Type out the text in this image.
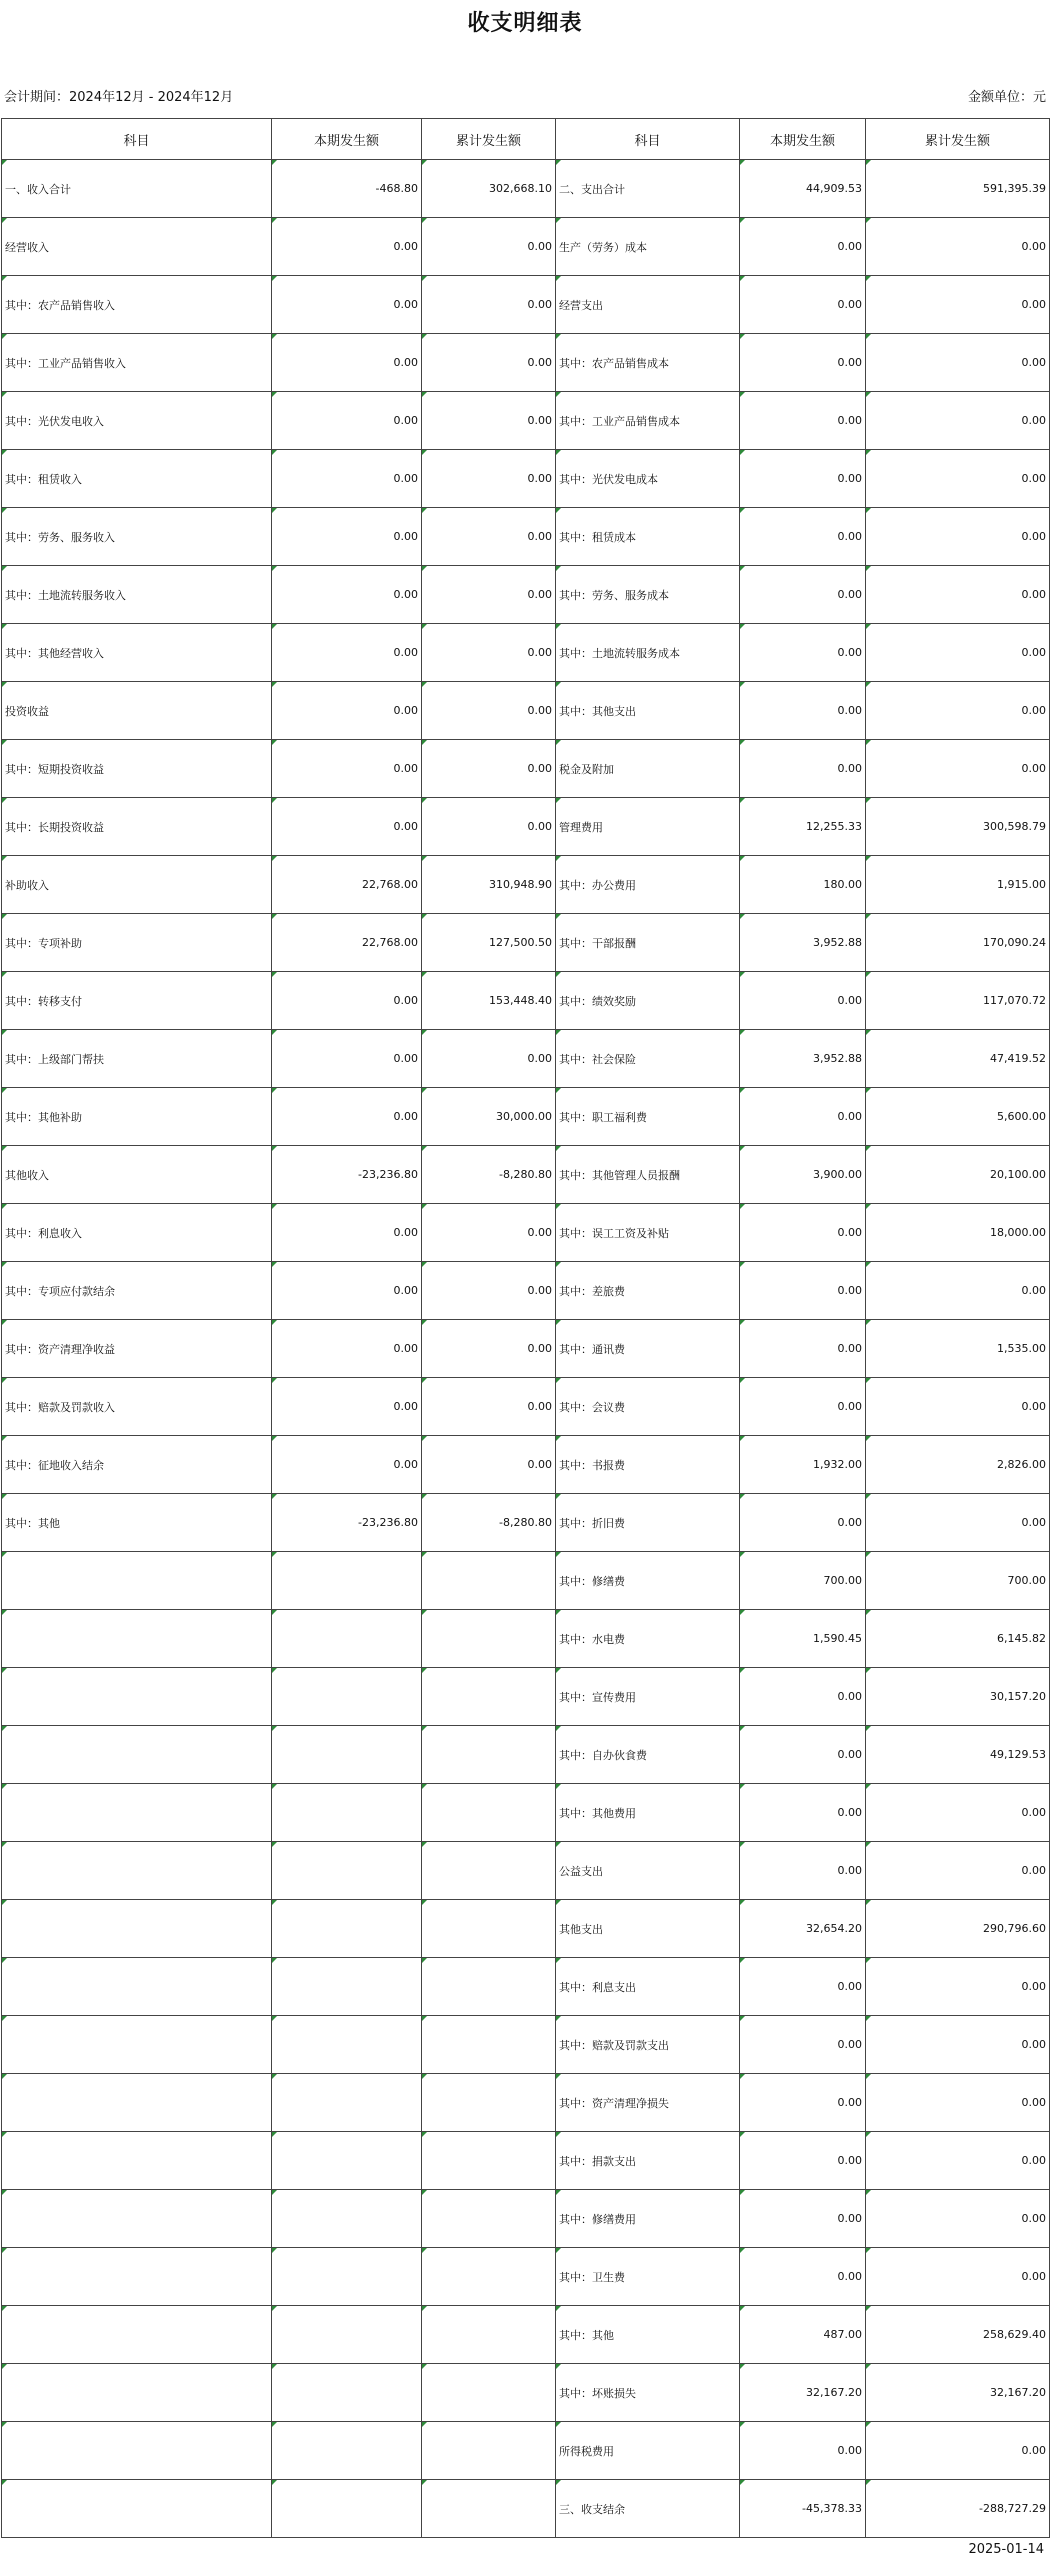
收支明细表
会计期间：2024年12月 - 2024年12月	金额单位：元
科目	本期发生额	累计发生额	科目	本期发生额	累计发生额
一、收入合计	-468.80	302,668.10	二、支出合计	44,909.53	591,395.39
经营收入	0.00	0.00	生产（劳务）成本	0.00	0.00
其中：农产品销售收入	0.00	0.00	经营支出	0.00	0.00
其中：工业产品销售收入	0.00	0.00	其中：农产品销售成本	0.00	0.00
其中：光伏发电收入	0.00	0.00	其中：工业产品销售成本	0.00	0.00
其中：租赁收入	0.00	0.00	其中：光伏发电成本	0.00	0.00
其中：劳务、服务收入	0.00	0.00	其中：租赁成本	0.00	0.00
其中：土地流转服务收入	0.00	0.00	其中：劳务、服务成本	0.00	0.00
其中：其他经营收入	0.00	0.00	其中：土地流转服务成本	0.00	0.00
投资收益	0.00	0.00	其中：其他支出	0.00	0.00
其中：短期投资收益	0.00	0.00	税金及附加	0.00	0.00
其中：长期投资收益	0.00	0.00	管理费用	12,255.33	300,598.79
补助收入	22,768.00	310,948.90	其中：办公费用	180.00	1,915.00
其中：专项补助	22,768.00	127,500.50	其中：干部报酬	3,952.88	170,090.24
其中：转移支付	0.00	153,448.40	其中：绩效奖励	0.00	117,070.72
其中：上级部门帮扶	0.00	0.00	其中：社会保险	3,952.88	47,419.52
其中：其他补助	0.00	30,000.00	其中：职工福利费	0.00	5,600.00
其他收入	-23,236.80	-8,280.80	其中：其他管理人员报酬	3,900.00	20,100.00
其中：利息收入	0.00	0.00	其中：误工工资及补贴	0.00	18,000.00
其中：专项应付款结余	0.00	0.00	其中：差旅费	0.00	0.00
其中：资产清理净收益	0.00	0.00	其中：通讯费	0.00	1,535.00
其中：赔款及罚款收入	0.00	0.00	其中：会议费	0.00	0.00
其中：征地收入结余	0.00	0.00	其中：书报费	1,932.00	2,826.00
其中：其他	-23,236.80	-8,280.80	其中：折旧费	0.00	0.00
			其中：修缮费	700.00	700.00
			其中：水电费	1,590.45	6,145.82
			其中：宣传费用	0.00	30,157.20
			其中：自办伙食费	0.00	49,129.53
			其中：其他费用	0.00	0.00
			公益支出	0.00	0.00
			其他支出	32,654.20	290,796.60
			其中：利息支出	0.00	0.00
			其中：赔款及罚款支出	0.00	0.00
			其中：资产清理净损失	0.00	0.00
			其中：捐款支出	0.00	0.00
			其中：修缮费用	0.00	0.00
			其中：卫生费	0.00	0.00
			其中：其他	487.00	258,629.40
			其中：坏账损失	32,167.20	32,167.20
			所得税费用	0.00	0.00
			三、收支结余	-45,378.33	-288,727.29
2025-01-14
